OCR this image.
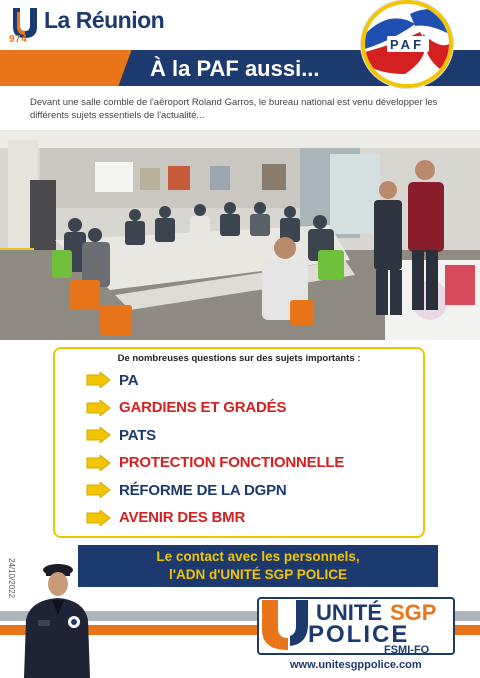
974
La Réunion
À la PAF aussi...
PAF
Devant une salle comble de l'aéroport Roland Garros, le bureau national est venu développer les différents sujets essentiels de l'actualité...
De nombreuses questions sur des sujets importants :
PA
GARDIENS ET GRADÉS
PATS
PROTECTION FONCTIONNELLE
RÉFORME DE LA DGPN
AVENIR DES BMR
24/10/2022
Le contact avec les personnels,
l'ADN d'UNITÉ SGP POLICE
UNITÉ SGP
POLICE
FSMI-FO
www.unitesgppolice.com
